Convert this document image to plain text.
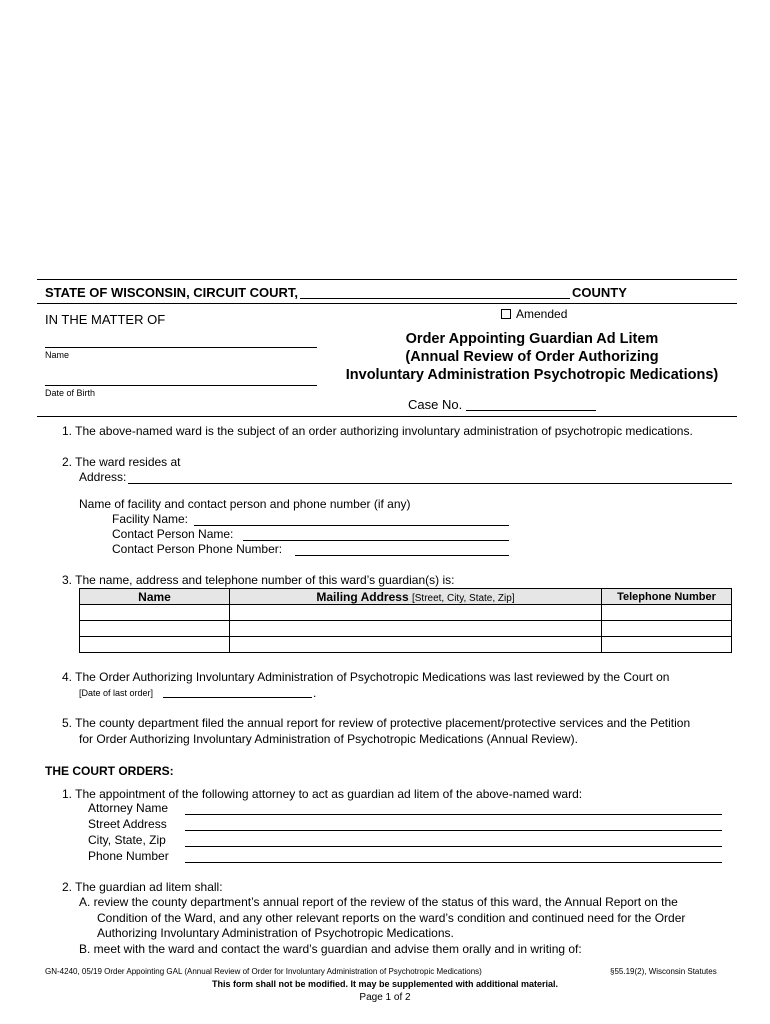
STATE OF WISCONSIN, CIRCUIT COURT,	COUNTY
Amended
IN THE MATTER OF
Name
Date of Birth
Order Appointing Guardian Ad Litem
(Annual Review of Order Authorizing
Involuntary Administration Psychotropic Medications)
Case No.
1. The above-named ward is the subject of an order authorizing involuntary administration of psychotropic medications.
2. The ward resides at
Address:
Name of facility and contact person and phone number (if any)
Facility Name:
Contact Person Name:
Contact Person Phone Number:
3. The name, address and telephone number of this ward’s guardian(s) is:
Name	Mailing Address [Street, City, State, Zip]	Telephone Number

4. The Order Authorizing Involuntary Administration of Psychotropic Medications was last reviewed by the Court on
[Date of last order]	.
5. The county department filed the annual report for review of protective placement/protective services and the Petition
for Order Authorizing Involuntary Administration of Psychotropic Medications (Annual Review).
THE COURT ORDERS:
1. The appointment of the following attorney to act as guardian ad litem of the above-named ward:
Attorney Name
Street Address
City, State, Zip
Phone Number
2. The guardian ad litem shall:
A. review the county department’s annual report of the review of the status of this ward, the Annual Report on the
Condition of the Ward, and any other relevant reports on the ward’s condition and continued need for the Order
Authorizing Involuntary Administration of Psychotropic Medications.
B. meet with the ward and contact the ward’s guardian and advise them orally and in writing of:
GN-4240, 05/19 Order Appointing GAL (Annual Review of Order for Involuntary Administration of Psychotropic Medications)	§55.19(2), Wisconsin Statutes
This form shall not be modified. It may be supplemented with additional material.
Page 1 of 2
